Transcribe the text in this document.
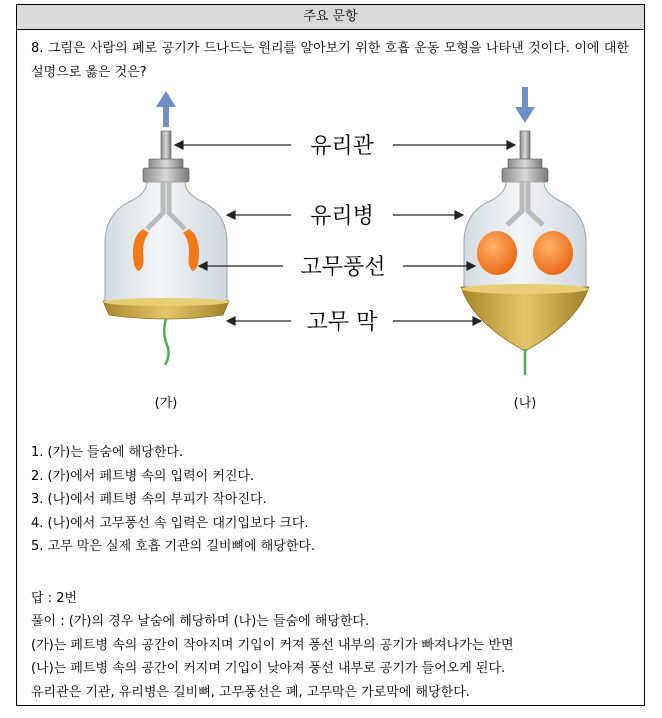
주요 문항
8. 그림은 사람의 폐로 공기가 드나드는 원리를 알아보기 위한 호흡 운동 모형을 나타낸 것이다. 이에 대한 설명으로 옳은 것은?
유리관
유리병
고무풍선
고무 막
(가)	(나)
1. (가)는 들숨에 해당한다.
2. (가)에서 페트병 속의 입력이 커진다.
3. (나)에서 페트병 속의 부피가 작아진다.
4. (나)에서 고무풍선 속 입력은 대기입보다 크다.
5. 고무 막은 실제 호흡 기관의 길비뼈에 해당한다.
답 : 2번
풀이 : (가)의 경우 날숨에 해당하며 (나)는 들숨에 해당한다.
(가)는 페트병 속의 공간이 작아지며 기입이 커져 풍선 내부의 공기가 빠져나가는 반면
(나)는 페트병 속의 공간이 커지며 기입이 낮아져 풍선 내부로 공기가 들어오게 된다.
유리관은 기관, 유리병은 길비뼈, 고무풍선은 폐, 고무막은 가로막에 해당한다.
